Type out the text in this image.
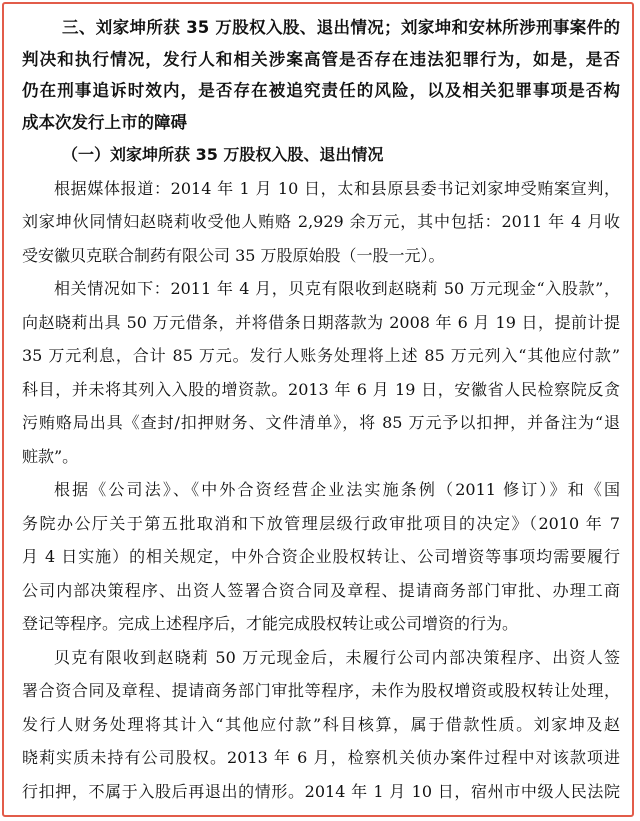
三、刘家坤所获 35 万股权入股、退出情况；刘家坤和安林所涉刑事案件的
判决和执行情况，发行人和相关涉案高管是否存在违法犯罪行为，如是，是否
仍在刑事追诉时效内，是否存在被追究责任的风险，以及相关犯罪事项是否构
成本次发行上市的障碍
（一）刘家坤所获 35 万股权入股、退出情况
根据媒体报道：2014 年 1 月 10 日，太和县原县委书记刘家坤受贿案宣判，
刘家坤伙同情妇赵晓莉收受他人贿赂 2,929 余万元，其中包括：2011 年 4 月收
受安徽贝克联合制药有限公司 35 万股原始股（一股一元）。
相关情况如下：2011 年 4 月，贝克有限收到赵晓莉 50 万元现金“入股款”，
向赵晓莉出具 50 万元借条，并将借条日期落款为 2008 年 6 月 19 日，提前计提
35 万元利息，合计 85 万元。发行人账务处理将上述 85 万元列入“其他应付款”
科目，并未将其列入入股的增资款。2013 年 6 月 19 日，安徽省人民检察院反贪
污贿赂局出具《查封/扣押财务、文件清单》，将 85 万元予以扣押，并备注为“退
赃款”。
根据《公司法》、《中外合资经营企业法实施条例（2011 修订）》和《国
务院办公厅关于第五批取消和下放管理层级行政审批项目的决定》（2010 年 7
月 4 日实施）的相关规定，中外合资企业股权转让、公司增资等事项均需要履行
公司内部决策程序、出资人签署合资合同及章程、提请商务部门审批、办理工商
登记等程序。完成上述程序后，才能完成股权转让或公司增资的行为。
贝克有限收到赵晓莉 50 万元现金后，未履行公司内部决策程序、出资人签
署合资合同及章程、提请商务部门审批等程序，未作为股权增资或股权转让处理，
发行人财务处理将其计入“其他应付款”科目核算，属于借款性质。刘家坤及赵
晓莉实质未持有公司股权。2013 年 6 月，检察机关侦办案件过程中对该款项进
行扣押，不属于入股后再退出的情形。2014 年 1 月 10 日，宿州市中级人民法院
